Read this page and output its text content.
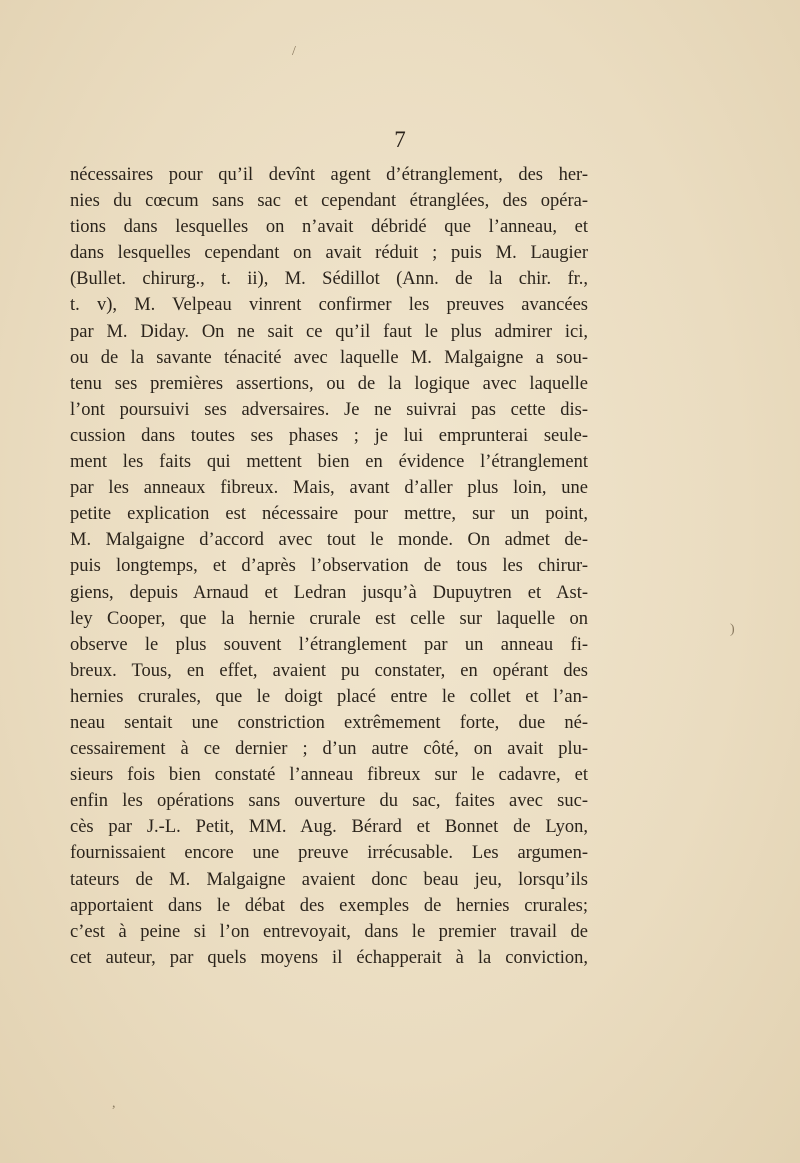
/
)
,
7
nécessaires pour qu’il devînt agent d’étranglement, des her-
nies du cœcum sans sac et cependant étranglées, des opéra-
tions dans lesquelles on n’avait débridé que l’anneau, et
dans lesquelles cependant on avait réduit ; puis M. Laugier
(Bullet. chirurg., t. ii), M. Sédillot (Ann. de la chir. fr.,
t. v), M. Velpeau vinrent confirmer les preuves avancées
par M. Diday. On ne sait ce qu’il faut le plus admirer ici,
ou de la savante ténacité avec laquelle M. Malgaigne a sou-
tenu ses premières assertions, ou de la logique avec laquelle
l’ont poursuivi ses adversaires. Je ne suivrai pas cette dis-
cussion dans toutes ses phases ; je lui emprunterai seule-
ment les faits qui mettent bien en évidence l’étranglement
par les anneaux fibreux. Mais, avant d’aller plus loin, une
petite explication est nécessaire pour mettre, sur un point,
M. Malgaigne d’accord avec tout le monde. On admet de-
puis longtemps, et d’après l’observation de tous les chirur-
giens, depuis Arnaud et Ledran jusqu’à Dupuytren et Ast-
ley Cooper, que la hernie crurale est celle sur laquelle on
observe le plus souvent l’étranglement par un anneau fi-
breux. Tous, en effet, avaient pu constater, en opérant des
hernies crurales, que le doigt placé entre le collet et l’an-
neau sentait une constriction extrêmement forte, due né-
cessairement à ce dernier ; d’un autre côté, on avait plu-
sieurs fois bien constaté l’anneau fibreux sur le cadavre, et
enfin les opérations sans ouverture du sac, faites avec suc-
cès par J.-L. Petit, MM. Aug. Bérard et Bonnet de Lyon,
fournissaient encore une preuve irrécusable. Les argumen-
tateurs de M. Malgaigne avaient donc beau jeu, lorsqu’ils
apportaient dans le débat des exemples de hernies crurales;
c’est à peine si l’on entrevoyait, dans le premier travail de
cet auteur, par quels moyens il échapperait à la conviction,
